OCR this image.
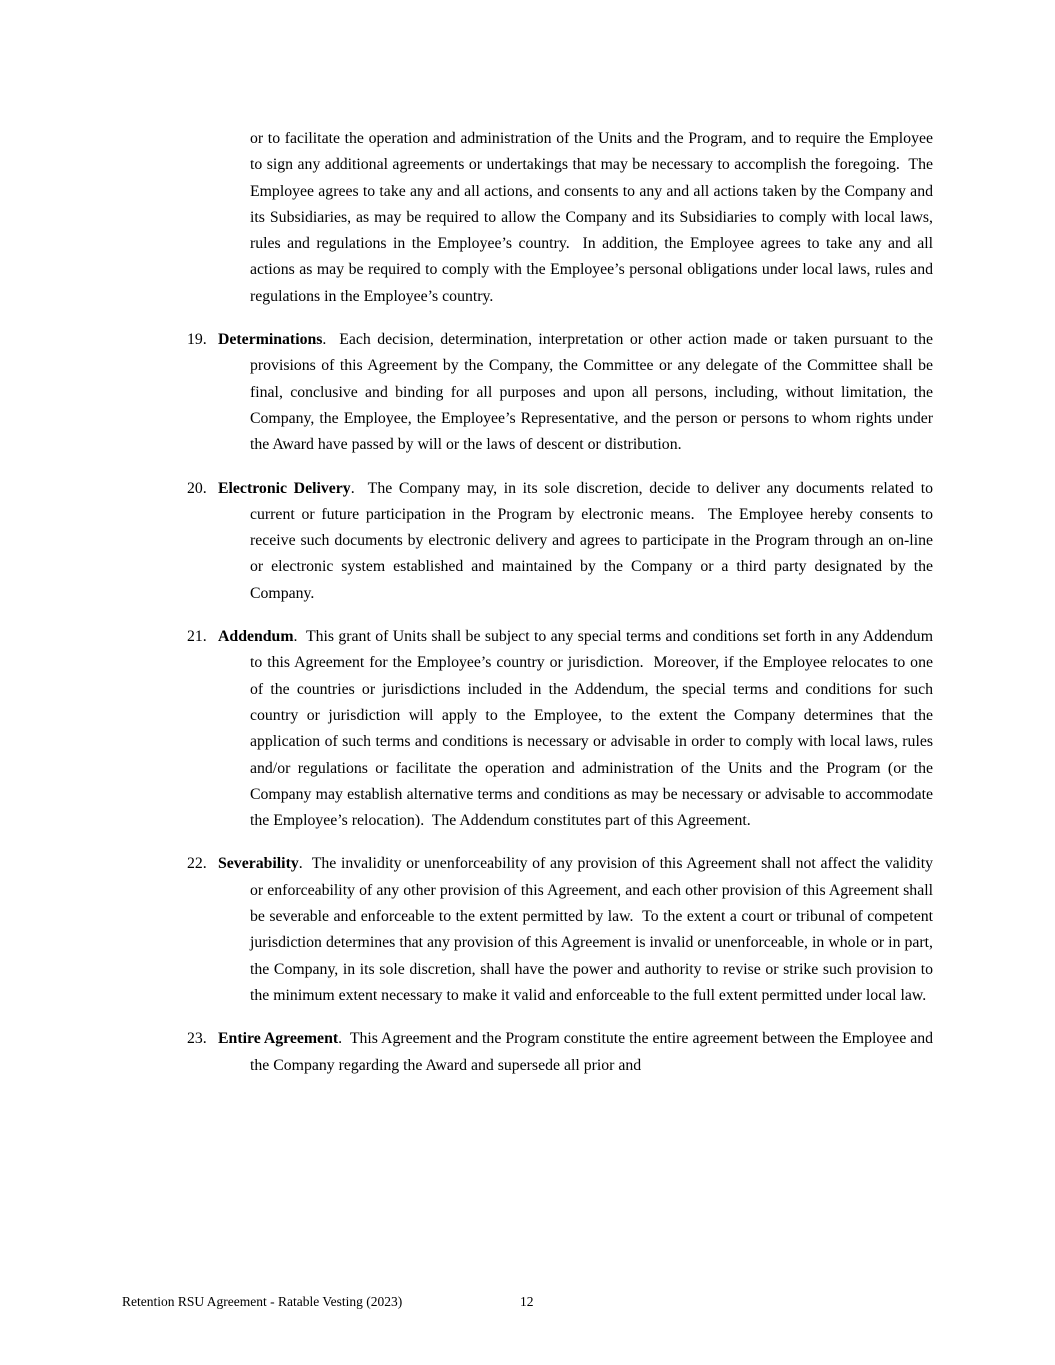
or to facilitate the operation and administration of the Units and the Program, and to require the Employee to sign any additional agreements or undertakings that may be necessary to accomplish the foregoing.  The Employee agrees to take any and all actions, and consents to any and all actions taken by the Company and its Subsidiaries, as may be required to allow the Company and its Subsidiaries to comply with local laws, rules and regulations in the Employee’s country.  In addition, the Employee agrees to take any and all actions as may be required to comply with the Employee’s personal obligations under local laws, rules and regulations in the Employee’s country.

19. Determinations.  Each decision, determination, interpretation or other action made or taken pursuant to the provisions of this Agreement by the Company, the Committee or any delegate of the Committee shall be final, conclusive and binding for all purposes and upon all persons, including, without limitation, the Company, the Employee, the Employee’s Representative, and the person or persons to whom rights under the Award have passed by will or the laws of descent or distribution.
20. Electronic Delivery.  The Company may, in its sole discretion, decide to deliver any documents related to current or future participation in the Program by electronic means.  The Employee hereby consents to receive such documents by electronic delivery and agrees to participate in the Program through an on-line or electronic system established and maintained by the Company or a third party designated by the Company.
21. Addendum.  This grant of Units shall be subject to any special terms and conditions set forth in any Addendum to this Agreement for the Employee’s country or jurisdiction.  Moreover, if the Employee relocates to one of the countries or jurisdictions included in the Addendum, the special terms and conditions for such country or jurisdiction will apply to the Employee, to the extent the Company determines that the application of such terms and conditions is necessary or advisable in order to comply with local laws, rules and/or regulations or facilitate the operation and administration of the Units and the Program (or the Company may establish alternative terms and conditions as may be necessary or advisable to accommodate the Employee’s relocation).  The Addendum constitutes part of this Agreement.
22. Severability.  The invalidity or unenforceability of any provision of this Agreement shall not affect the validity or enforceability of any other provision of this Agreement, and each other provision of this Agreement shall be severable and enforceable to the extent permitted by law.  To the extent a court or tribunal of competent jurisdiction determines that any provision of this Agreement is invalid or unenforceable, in whole or in part, the Company, in its sole discretion, shall have the power and authority to revise or strike such provision to the minimum extent necessary to make it valid and enforceable to the full extent permitted under local law.
23. Entire Agreement.  This Agreement and the Program constitute the entire agreement between the Employee and the Company regarding the Award and supersede all prior and
Retention RSU Agreement - Ratable Vesting (2023)	12
